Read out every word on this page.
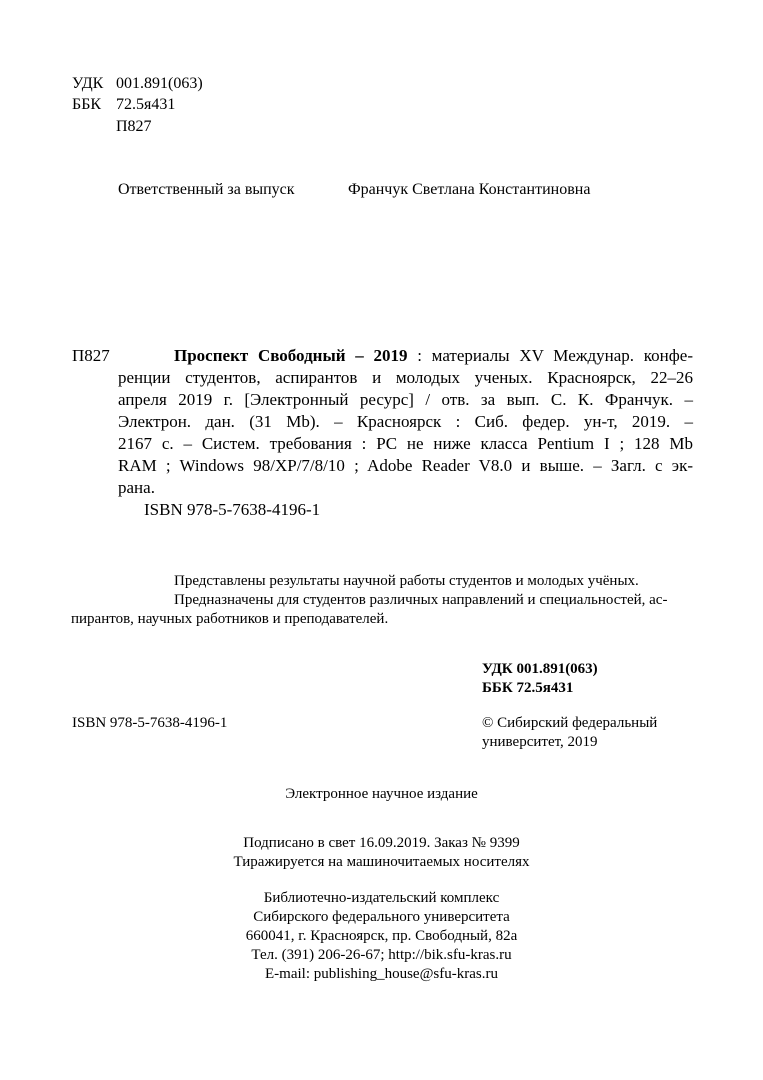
УДК 001.891(063)
ББК 72.5я431
П827
Ответственный за выпуск	Франчук Светлана Константиновна
П827	Проспект Свободный – 2019 : материалы XV Междунар. конфе-
ренции студентов, аспирантов и молодых ученых. Красноярск, 22–26
апреля 2019 г. [Электронный ресурс] / отв. за вып. С. К. Франчук. –
Электрон. дан. (31 Mb). – Красноярск : Сиб. федер. ун-т, 2019. –
2167 с. – Систем. требования : PC не ниже класса Pentium I ; 128 Mb
RAM ; Windows 98/XP/7/8/10 ; Adobe Reader V8.0 и выше. – Загл. с эк-
рана.
ISBN 978-5-7638-4196-1
Представлены результаты научной работы студентов и молодых учёных.
Предназначены для студентов различных направлений и специальностей, ас-
пирантов, научных работников и преподавателей.
УДК 001.891(063)
ББК 72.5я431
ISBN 978-5-7638-4196-1	© Сибирский федеральный
университет, 2019
Электронное научное издание
Подписано в свет 16.09.2019. Заказ № 9399
Тиражируется на машиночитаемых носителях
Библиотечно-издательский комплекс
Сибирского федерального университета
660041, г. Красноярск, пр. Свободный, 82а
Тел. (391) 206-26-67; http://bik.sfu-kras.ru
E-mail: publishing_house@sfu-kras.ru
